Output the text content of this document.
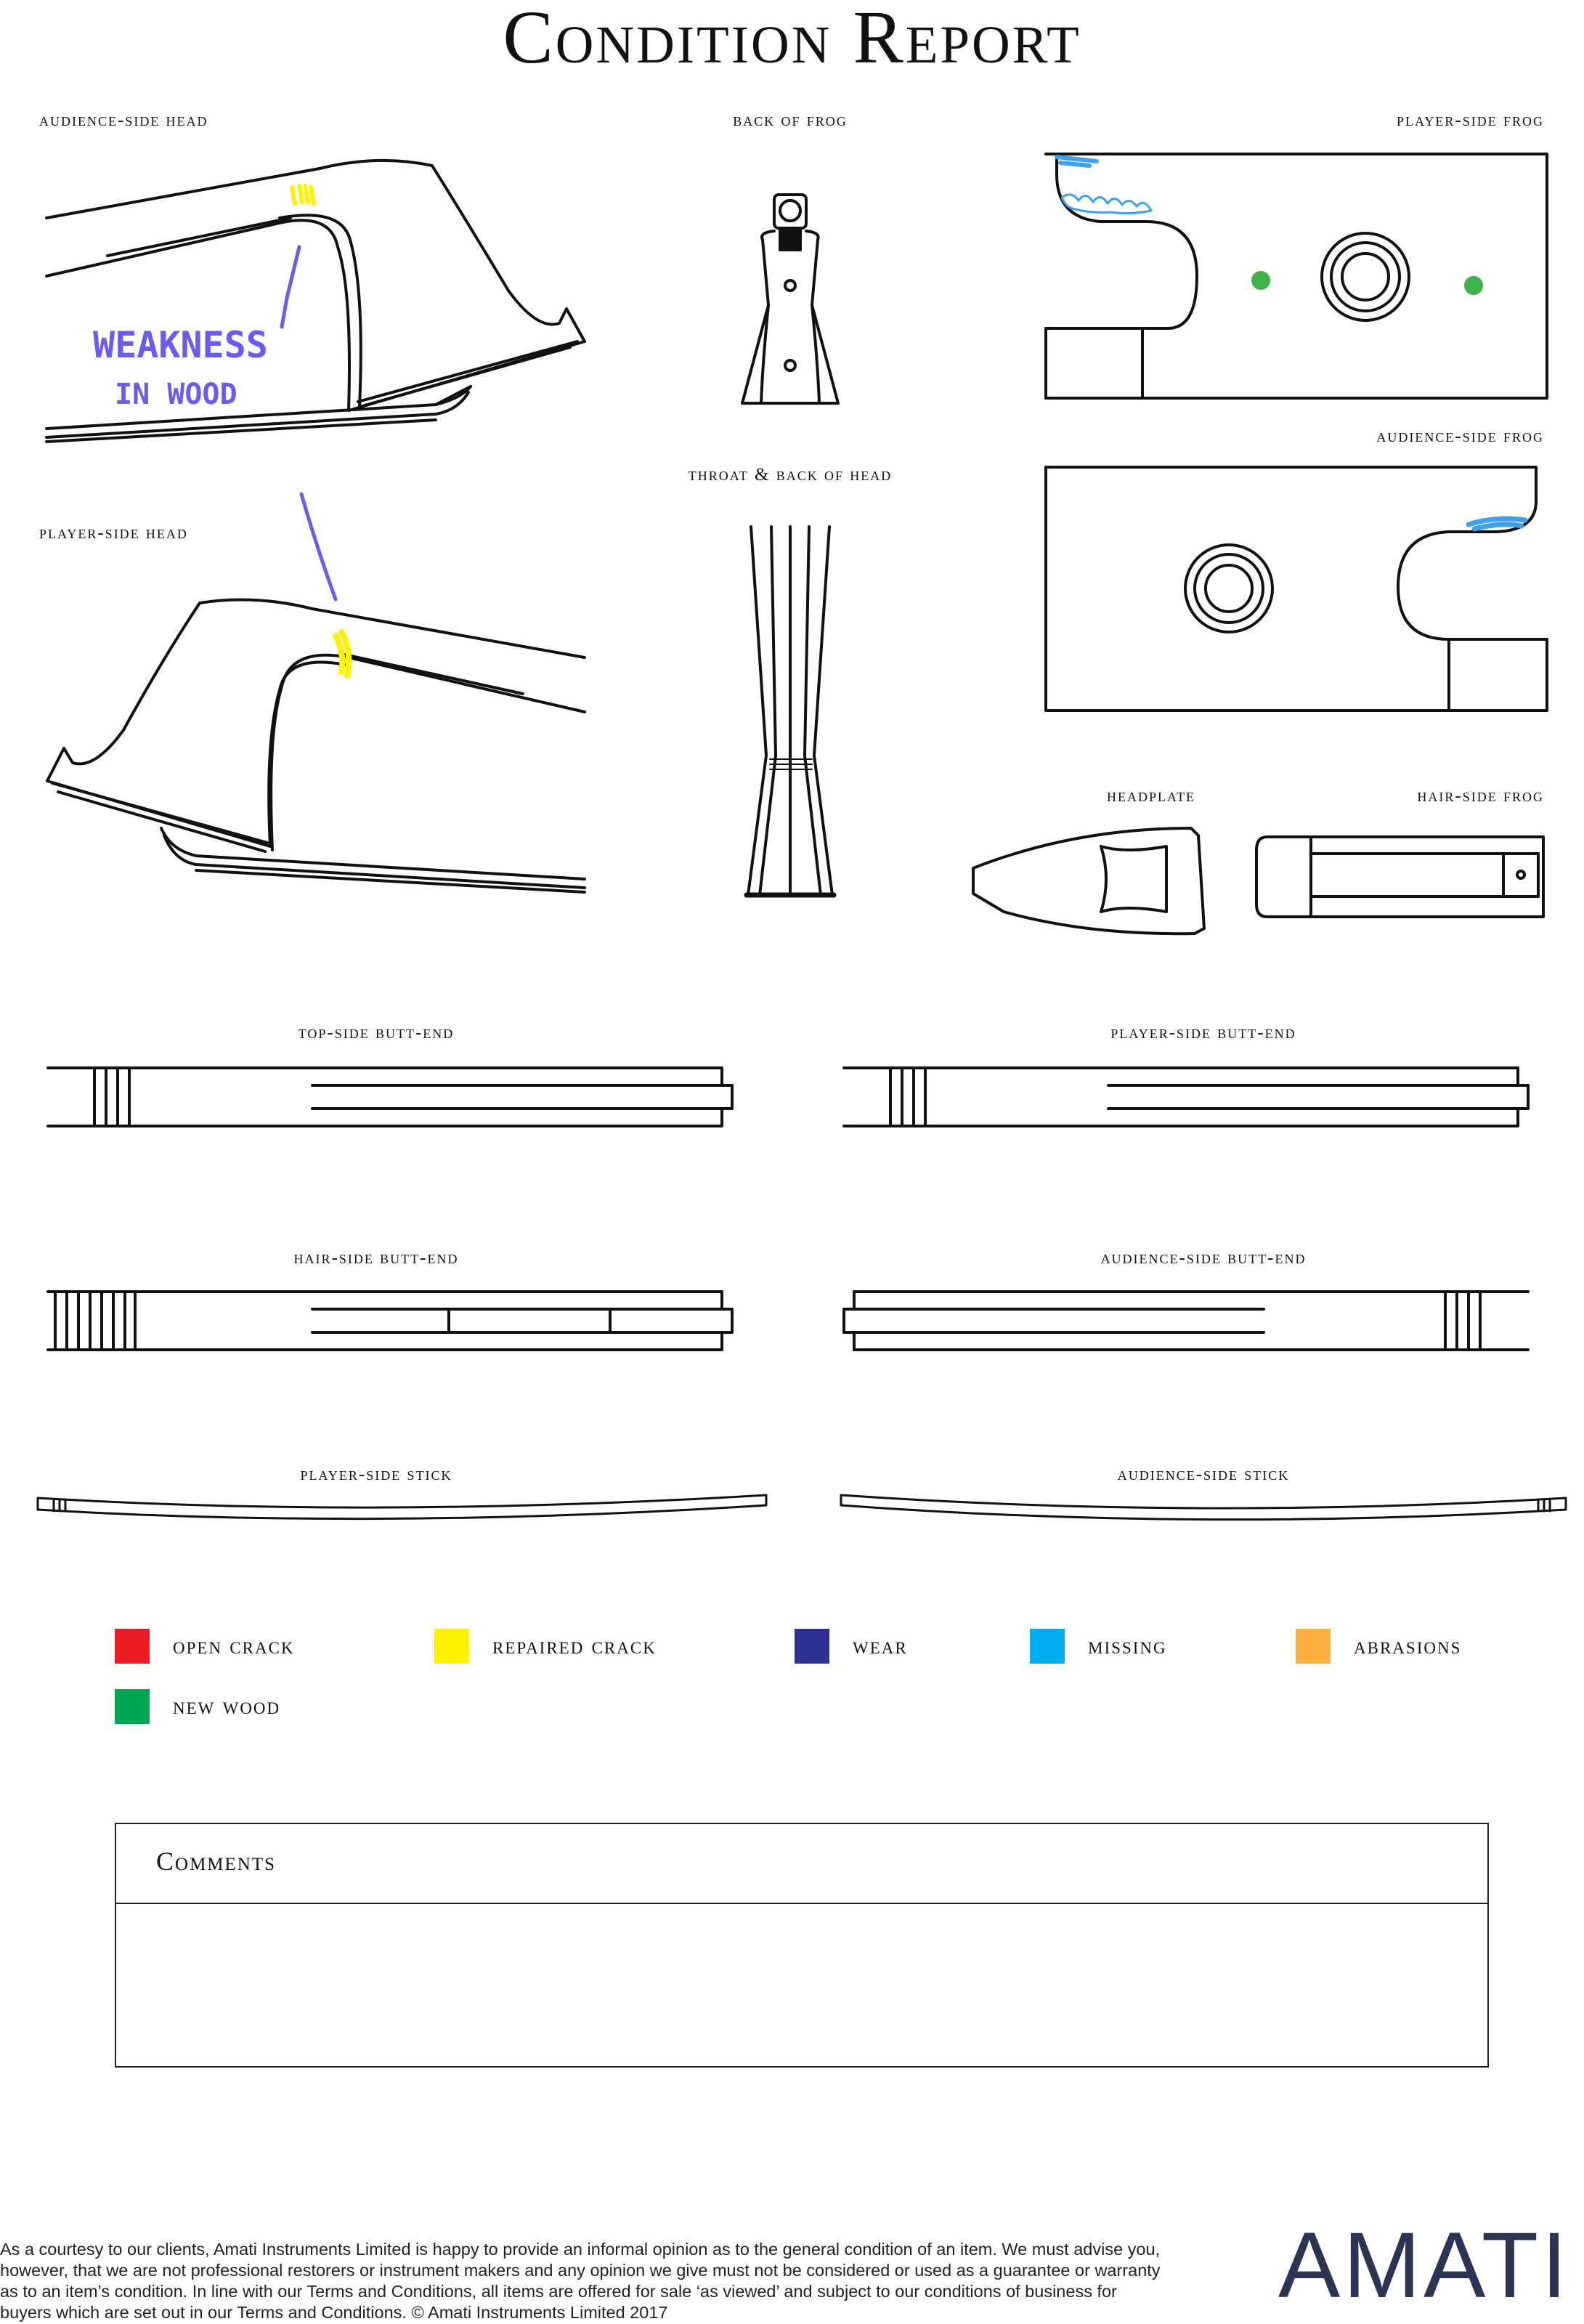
Condition Report
audience-side head	back of frog	player-side frog
throat & back of head
audience-side frog
player-side head
headplate	hair-side frog
top-side butt-end	player-side butt-end
hair-side butt-end	audience-side butt-end
player-side stick	audience-side stick
WEAKNESS
IN WOOD
open crack	repaired crack	wear	missing	abrasions
new wood
Comments
As a courtesy to our clients, Amati Instruments Limited is happy to provide an informal opinion as to the general condition of an item. We must advise you, however, that we are not professional restorers or instrument makers and any opinion we give must not be considered or used as a guarantee or warranty as to an item’s condition. In line with our Terms and Conditions, all items are offered for sale ‘as viewed’ and subject to our conditions of business for buyers which are set out in our Terms and Conditions. © Amati Instruments Limited 2017	AMATI
